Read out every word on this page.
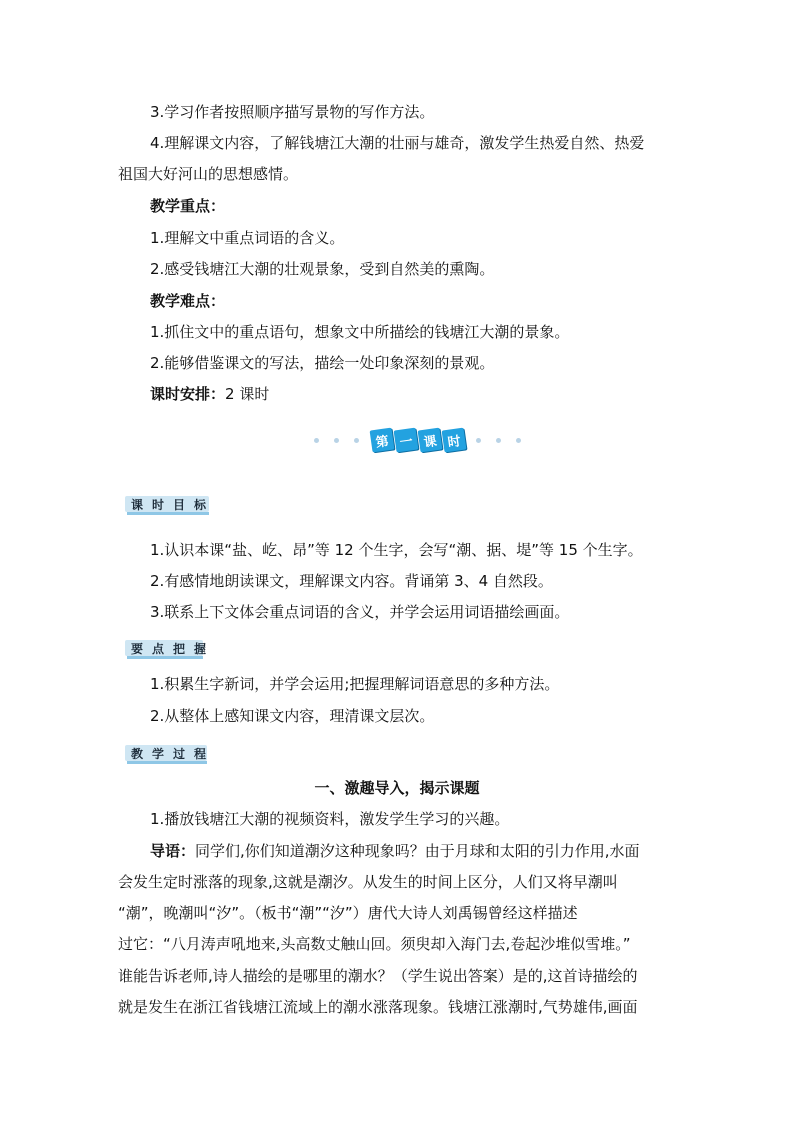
3.学习作者按照顺序描写景物的写作方法。
4.理解课文内容，了解钱塘江大潮的壮丽与雄奇，激发学生热爱自然、热爱
祖国大好河山的思想感情。
教学重点：
1.理解文中重点词语的含义。
2.感受钱塘江大潮的壮观景象，受到自然美的熏陶。
教学难点：
1.抓住文中的重点语句，想象文中所描绘的钱塘江大潮的景象。
2.能够借鉴课文的写法，描绘一处印象深刻的景观。
课时安排：2 课时
第 一 课 时
课时目标
1.认识本课“盐、屹、昂”等 12 个生字，会写“潮、据、堤”等 15 个生字。
2.有感情地朗读课文，理解课文内容。背诵第 3、4 自然段。
3.联系上下文体会重点词语的含义，并学会运用词语描绘画面。
要点把握
1.积累生字新词，并学会运用;把握理解词语意思的多种方法。
2.从整体上感知课文内容，理清课文层次。
教学过程
一、激趣导入，揭示课题
1.播放钱塘江大潮的视频资料，激发学生学习的兴趣。
导语：同学们,你们知道潮汐这种现象吗？由于月球和太阳的引力作用,水面
会发生定时涨落的现象,这就是潮汐。从发生的时间上区分，人们又将早潮叫
“潮”，晚潮叫“汐”。（板书“潮”“汐”）唐代大诗人刘禹锡曾经这样描述
过它：“八月涛声吼地来,头高数丈触山回。须臾却入海门去,卷起沙堆似雪堆。”
谁能告诉老师,诗人描绘的是哪里的潮水？（学生说出答案）是的,这首诗描绘的
就是发生在浙江省钱塘江流域上的潮水涨落现象。钱塘江涨潮时,气势雄伟,画面
